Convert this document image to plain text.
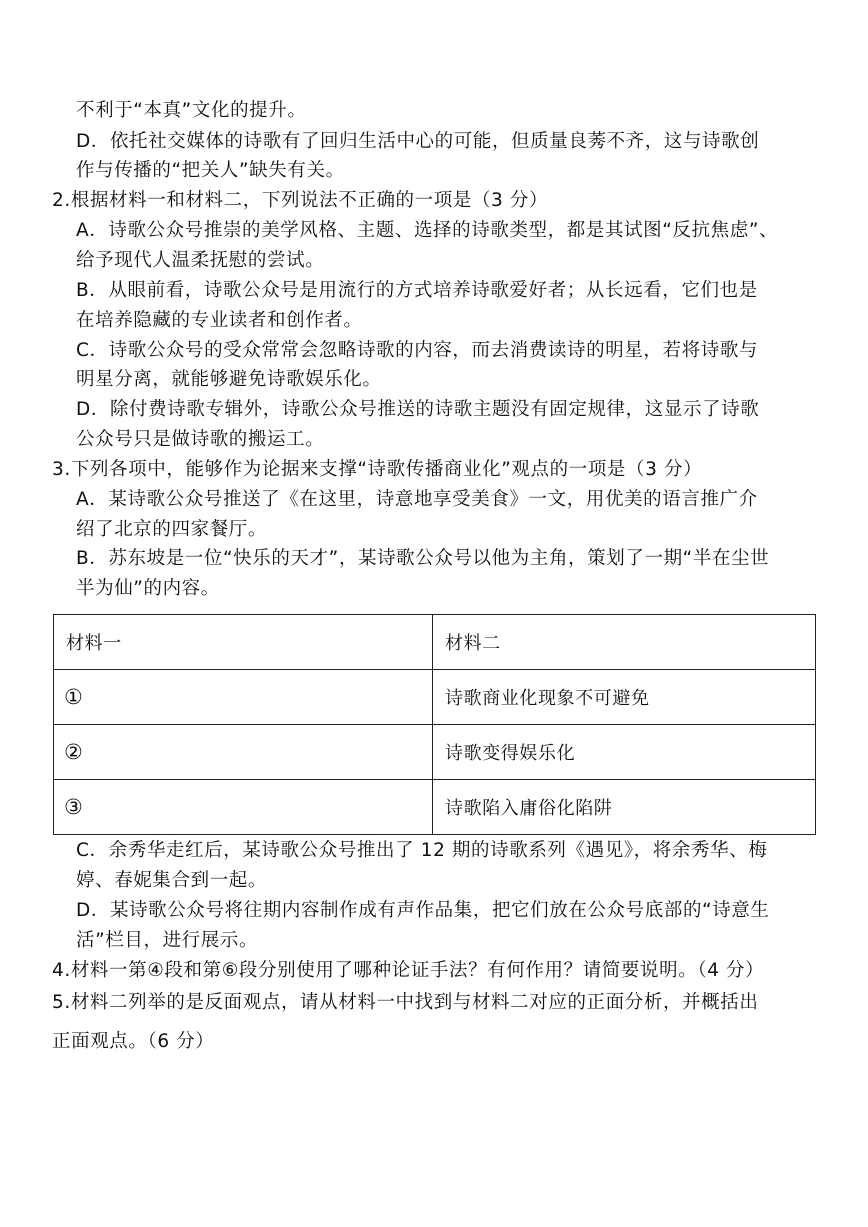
不利于“本真”文化的提升。
D．依托社交媒体的诗歌有了回归生活中心的可能，但质量良莠不齐，这与诗歌创
作与传播的“把关人”缺失有关。
2.根据材料一和材料二，下列说法不正确的一项是（3 分）
A．诗歌公众号推崇的美学风格、主题、选择的诗歌类型，都是其试图“反抗焦虑”、
给予现代人温柔抚慰的尝试。
B．从眼前看，诗歌公众号是用流行的方式培养诗歌爱好者；从长远看，它们也是
在培养隐藏的专业读者和创作者。
C．诗歌公众号的受众常常会忽略诗歌的内容，而去消费读诗的明星，若将诗歌与
明星分离，就能够避免诗歌娱乐化。
D．除付费诗歌专辑外，诗歌公众号推送的诗歌主题没有固定规律，这显示了诗歌
公众号只是做诗歌的搬运工。
3.下列各项中，能够作为论据来支撑“诗歌传播商业化”观点的一项是（3 分）
A．某诗歌公众号推送了《在这里，诗意地享受美食》一文，用优美的语言推广介
绍了北京的四家餐厅。
B．苏东坡是一位“快乐的天才”，某诗歌公众号以他为主角，策划了一期“半在尘世
半为仙”的内容。
材料一	材料二
①	诗歌商业化现象不可避免
②	诗歌变得娱乐化
③	诗歌陷入庸俗化陷阱
C．余秀华走红后，某诗歌公众号推出了 12 期的诗歌系列《遇见》，将余秀华、梅
婷、春妮集合到一起。
D．某诗歌公众号将往期内容制作成有声作品集，把它们放在公众号底部的“诗意生
活”栏目，进行展示。
4.材料一第④段和第⑥段分别使用了哪种论证手法？有何作用？请简要说明。（4 分）
5.材料二列举的是反面观点，请从材料一中找到与材料二对应的正面分析，并概括出
正面观点。（6 分）
